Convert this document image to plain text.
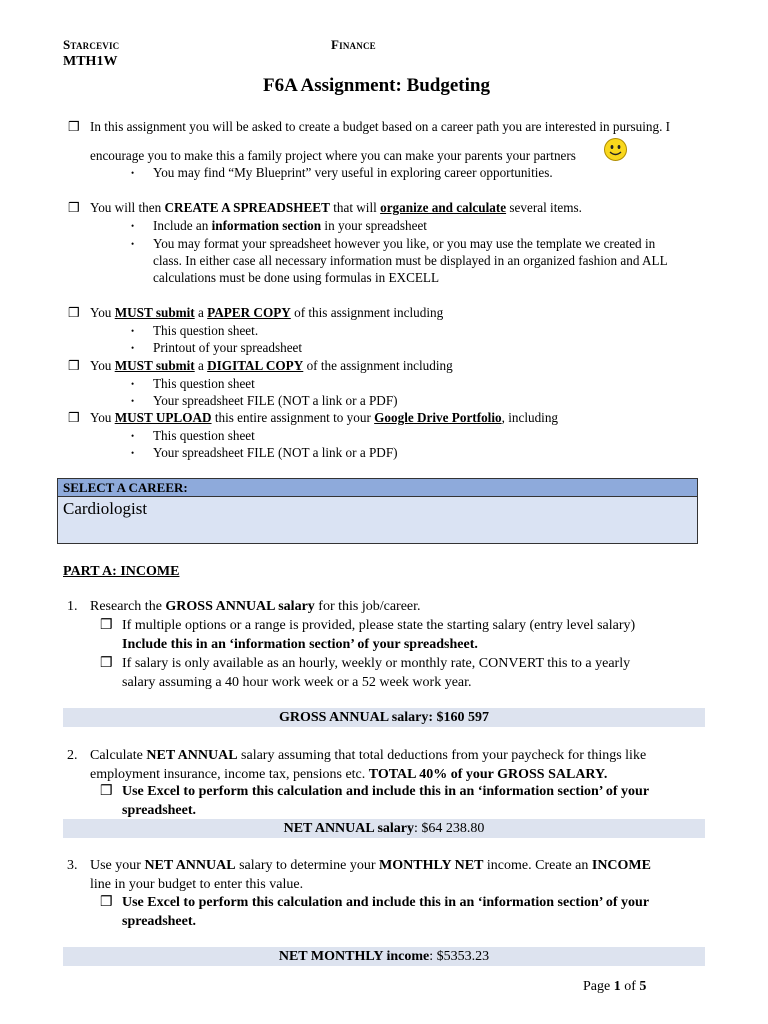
Starcevic	Finance
MTH1W
F6A Assignment: Budgeting
❒ In this assignment you will be asked to create a budget based on a career path you are interested in pursuing. I
encourage you to make this a family project where you can make your parents your partners
• You may find “My Blueprint” very useful in exploring career opportunities.
❒ You will then CREATE A SPREADSHEET that will organize and calculate several items.
• Include an information section in your spreadsheet
• You may format your spreadsheet however you like, or you may use the template we created in
class. In either case all necessary information must be displayed in an organized fashion and ALL
calculations must be done using formulas in EXCELL
❒ You MUST submit a PAPER COPY of this assignment including
• This question sheet.
• Printout of your spreadsheet
❒ You MUST submit a DIGITAL COPY of the assignment including
• This question sheet
• Your spreadsheet FILE (NOT a link or a PDF)
❒ You MUST UPLOAD this entire assignment to your Google Drive Portfolio, including
• This question sheet
• Your spreadsheet FILE (NOT a link or a PDF)
SELECT A CAREER:
Cardiologist
PART A: INCOME
1. Research the GROSS ANNUAL salary for this job/career.
❒ If multiple options or a range is provided, please state the starting salary (entry level salary)
Include this in an ‘information section’ of your spreadsheet.
❒ If salary is only available as an hourly, weekly or monthly rate, CONVERT this to a yearly
salary assuming a 40 hour work week or a 52 week work year.
GROSS ANNUAL salary: $160 597
2. Calculate NET ANNUAL salary assuming that total deductions from your paycheck for things like
employment insurance, income tax, pensions etc. TOTAL 40% of your GROSS SALARY.
❒ Use Excel to perform this calculation and include this in an ‘information section’ of your
spreadsheet.
NET ANNUAL salary: $64 238.80
3. Use your NET ANNUAL salary to determine your MONTHLY NET income. Create an INCOME
line in your budget to enter this value.
❒ Use Excel to perform this calculation and include this in an ‘information section’ of your
spreadsheet.
NET MONTHLY income: $5353.23
Page 1 of 5
